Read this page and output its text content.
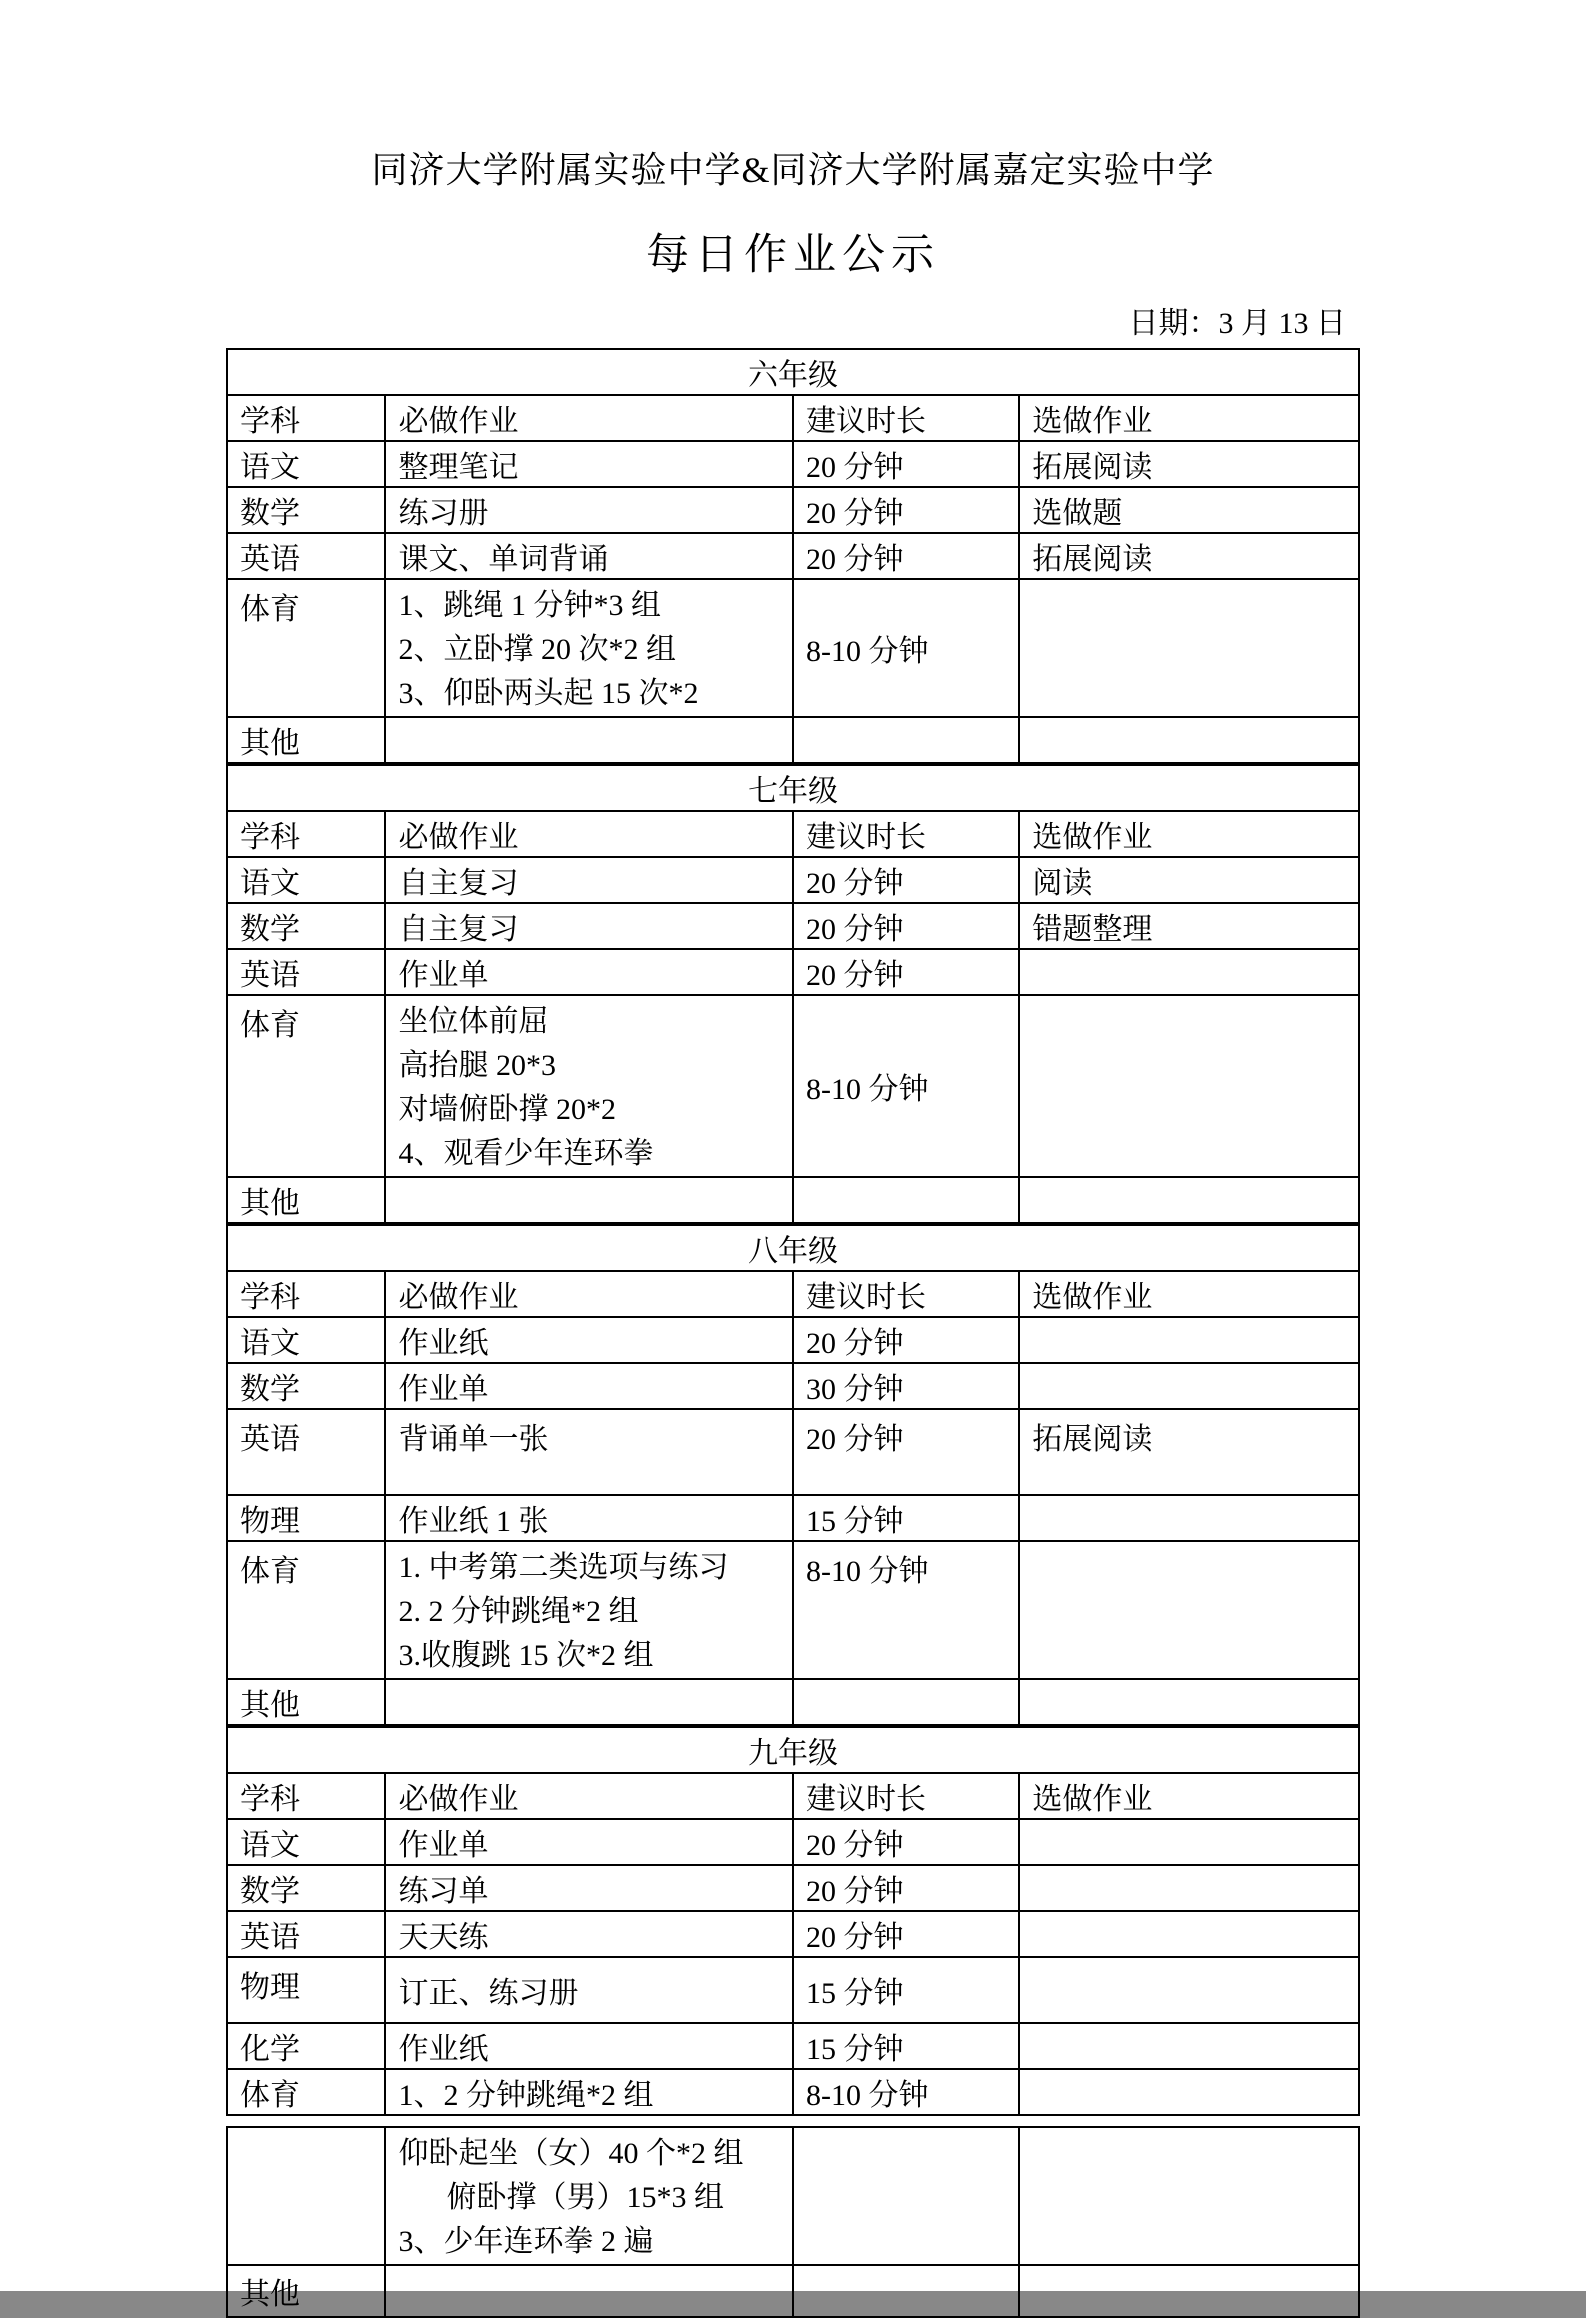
同济大学附属实验中学&同济大学附属嘉定实验中学
每日作业公示
日期：3 月 13 日
六年级			
学科	必做作业	建议时长	选做作业
语文	整理笔记	20 分钟	拓展阅读
数学	练习册	20 分钟	选做题
英语	课文、单词背诵	20 分钟	拓展阅读
体育	1、跳绳 1 分钟*3 组
2、立卧撑 20 次*2 组
3、仰卧两头起 15 次*2	8-10 分钟	
其他			
七年级			
学科	必做作业	建议时长	选做作业
语文	自主复习	20 分钟	阅读
数学	自主复习	20 分钟	错题整理
英语	作业单	20 分钟	
体育	坐位体前屈
高抬腿 20*3
对墙俯卧撑 20*2
4、观看少年连环拳	8-10 分钟	
其他			
八年级			
学科	必做作业	建议时长	选做作业
语文	作业纸	20 分钟	
数学	作业单	30 分钟	
英语	背诵单一张	20 分钟	拓展阅读
物理	作业纸 1 张	15 分钟	
体育	1. 中考第二类选项与练习
2. 2 分钟跳绳*2 组
3.收腹跳 15 次*2 组	8-10 分钟	
其他			
九年级			
学科	必做作业	建议时长	选做作业
语文	作业单	20 分钟	
数学	练习单	20 分钟	
英语	天天练	20 分钟	
物理	订正、练习册	15 分钟	
化学	作业纸	15 分钟	
体育	1、2 分钟跳绳*2 组	8-10 分钟	

	仰卧起坐（女）40 个*2 组
俯卧撑（男）15*3 组
3、少年连环拳 2 遍		

其他			
